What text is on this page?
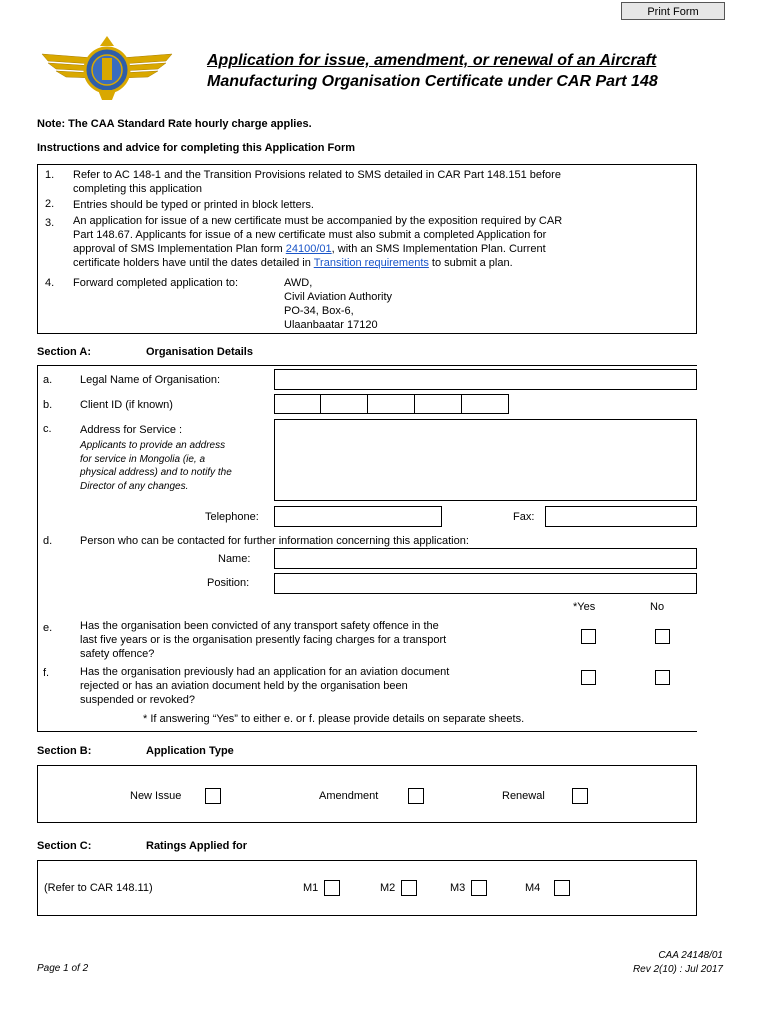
Print Form
Application for issue, amendment, or renewal of an Aircraft
Manufacturing Organisation Certificate under CAR Part 148
Note: The CAA Standard Rate hourly charge applies.
Instructions and advice for completing this Application Form
1. Refer to AC 148-1 and the Transition Provisions related to SMS detailed in CAR Part 148.151 before
completing this application
2. Entries should be typed or printed in block letters.
3. An application for issue of a new certificate must be accompanied by the exposition required by CAR
Part 148.67. Applicants for issue of a new certificate must also submit a completed Application for
approval of SMS Implementation Plan form 24100/01, with an SMS Implementation Plan. Current
certificate holders have until the dates detailed in Transition requirements to submit a plan.
4. Forward completed application to:	AWD,
Civil Aviation Authority
PO-34, Box-6,
Ulaanbaatar 17120
Section A:	Organisation Details
a.	Legal Name of Organisation:
b.	Client ID (if known)
c.	Address for Service :
Applicants to provide an address
for service in Mongolia (ie, a
physical address) and to notify the
Director of any changes.
Telephone:	Fax:
d.	Person who can be contacted for further information concerning this application:
Name:
Position:
*Yes	No
e.	Has the organisation been convicted of any transport safety offence in the
last five years or is the organisation presently facing charges for a transport
safety offence?
f.	Has the organisation previously had an application for an aviation document
rejected or has an aviation document held by the organisation been
suspended or revoked?
* If answering “Yes” to either e. or f. please provide details on separate sheets.
Section B:	Application Type
New Issue	Amendment	Renewal
Section C:	Ratings Applied for
(Refer to CAR 148.11)	M1	M2	M3	M4
Page 1 of 2
CAA 24148/01
Rev 2(10) : Jul 2017
